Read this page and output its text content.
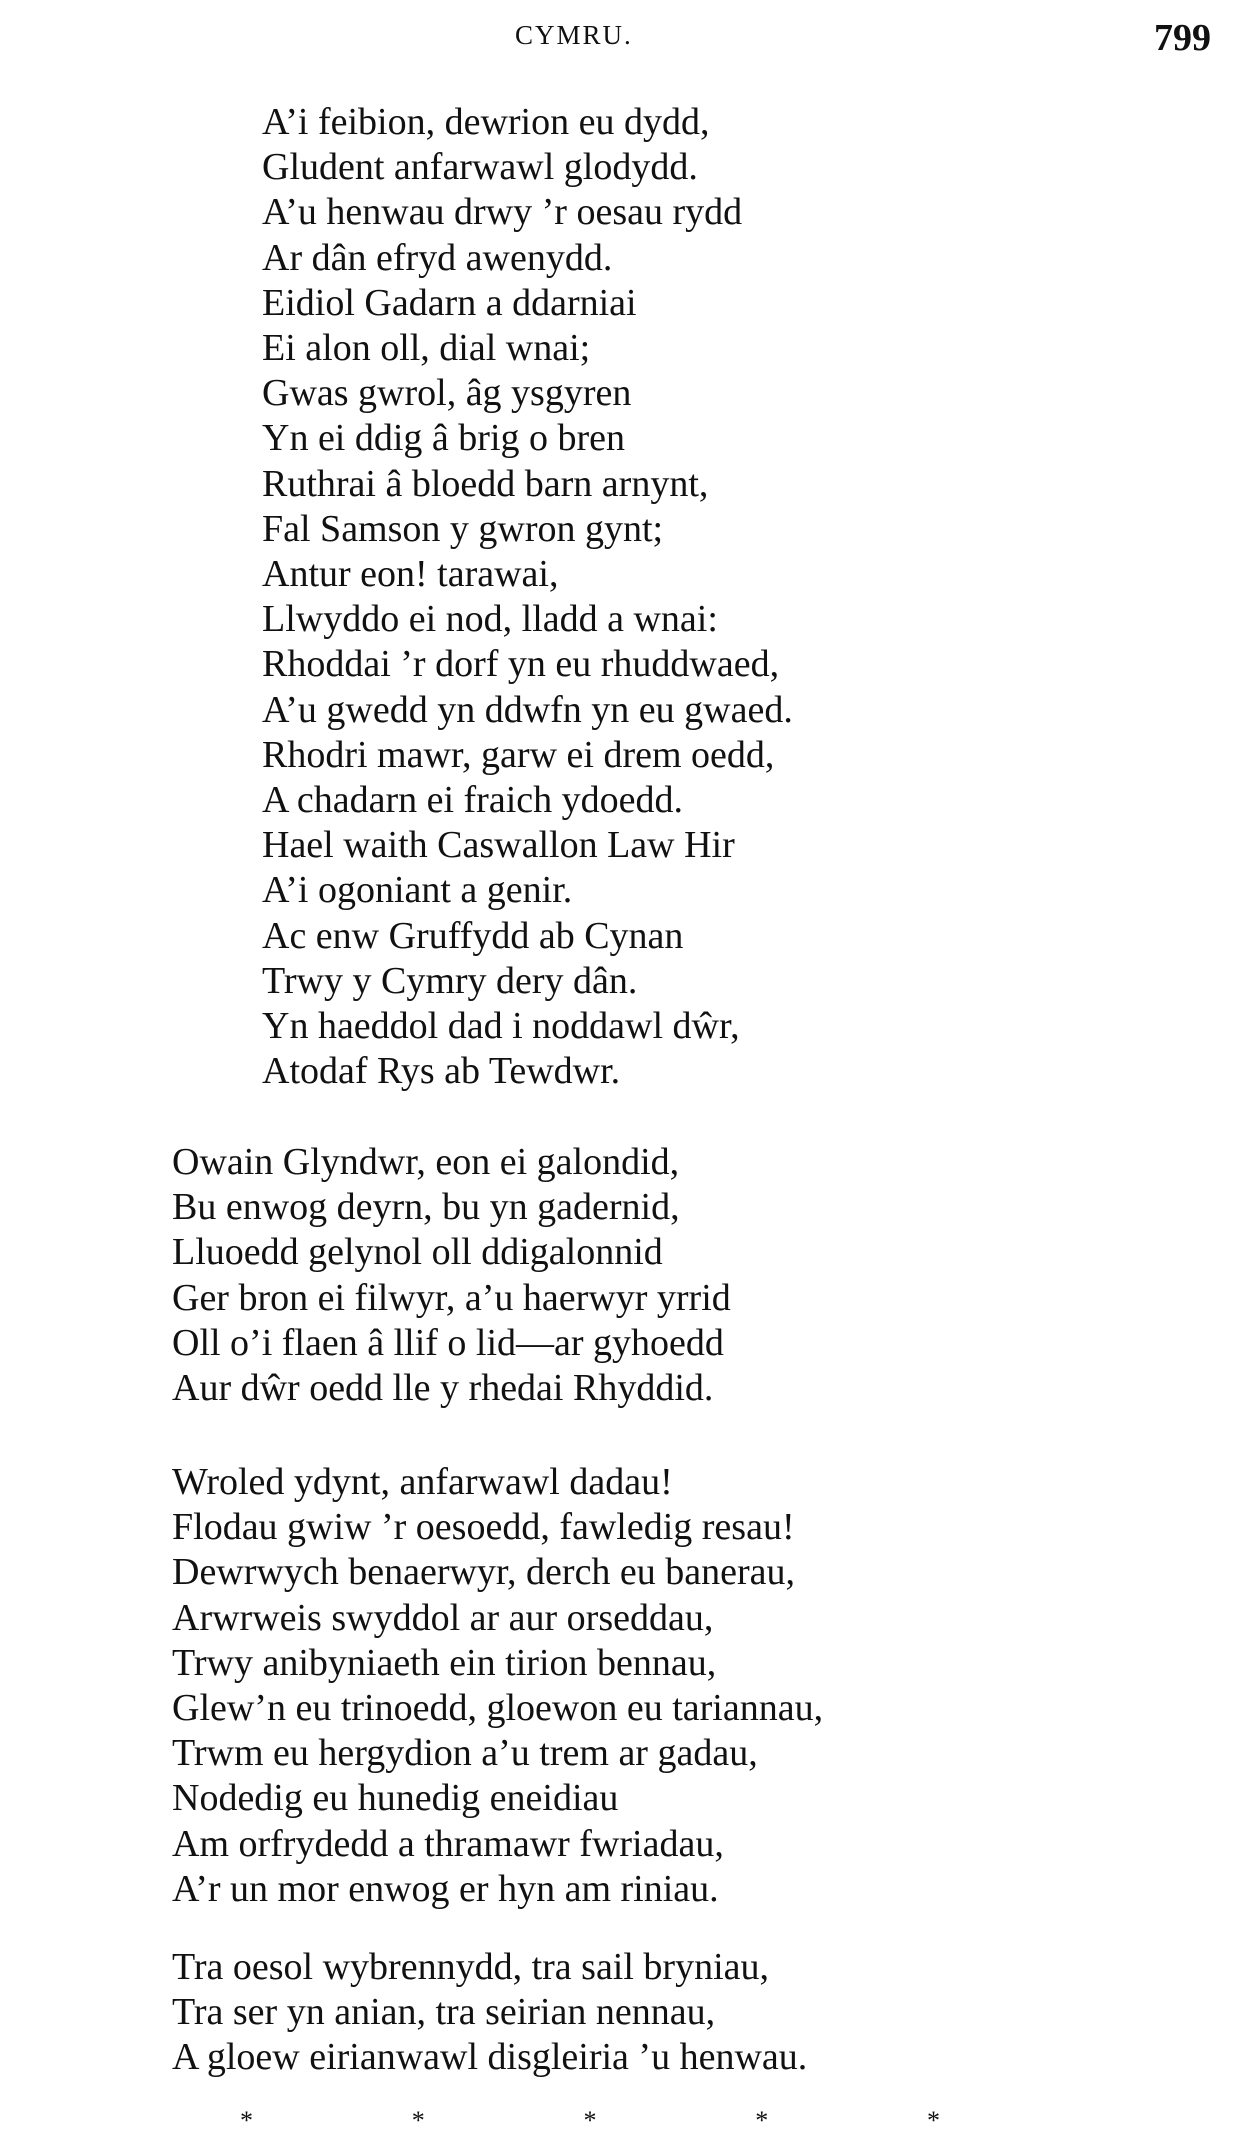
CYMRU.	799
A’i feibion, dewrion eu dydd,
Gludent anfarwawl glodydd.
A’u henwau drwy ’r oesau rydd
Ar dân efryd awenydd.
Eidiol Gadarn a ddarniai
Ei alon oll, dial wnai;
Gwas gwrol, âg ysgyren
Yn ei ddig â brig o bren
Ruthrai â bloedd barn arnynt,
Fal Samson y gwron gynt;
Antur eon! tarawai,
Llwyddo ei nod, lladd a wnai:
Rhoddai ’r dorf yn eu rhuddwaed,
A’u gwedd yn ddwfn yn eu gwaed.
Rhodri mawr, garw ei drem oedd,
A chadarn ei fraich ydoedd.
Hael waith Caswallon Law Hir
A’i ogoniant a genir.
Ac enw Gruffydd ab Cynan
Trwy y Cymry dery dân.
Yn haeddol dad i noddawl dŵr,
Atodaf Rys ab Tewdwr.
Owain Glyndwr, eon ei galondid,
Bu enwog deyrn, bu yn gadernid,
Lluoedd gelynol oll ddigalonnid
Ger bron ei filwyr, a’u haerwyr yrrid
Oll o’i flaen â llif o lid—ar gyhoedd
Aur dŵr oedd lle y rhedai Rhyddid.
Wroled ydynt, anfarwawl dadau!
Flodau gwiw ’r oesoedd, fawledig resau!
Dewrwych benaerwyr, derch eu banerau,
Arwrweis swyddol ar aur orseddau,
Trwy anibyniaeth ein tirion bennau,
Glew’n eu trinoedd, gloewon eu tariannau,
Trwm eu hergydion a’u trem ar gadau,
Nodedig eu hunedig eneidiau
Am orfrydedd a thramawr fwriadau,
A’r un mor enwog er hyn am riniau.
Tra oesol wybrennydd, tra sail bryniau,
Tra ser yn anian, tra seirian nennau,
A gloew eirianwawl disgleiria ’u henwau.
*	*	*	*	*
